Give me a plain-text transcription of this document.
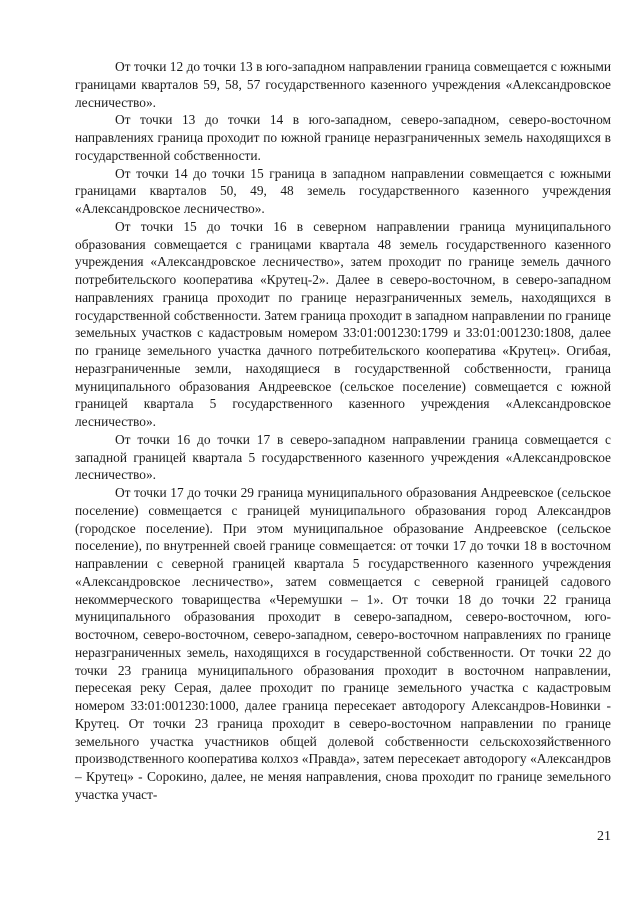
От точки 12 до точки 13 в юго-западном направлении граница совмещается с южными границами кварталов 59, 58, 57 государственного казенного учреждения «Александровское лесничество».

От точки 13 до точки 14 в юго-западном, северо-западном, северо-восточном направлениях граница проходит по южной границе неразграниченных земель находящихся в государственной собственности.

От точки 14 до точки 15 граница в западном направлении совмещается с южными границами кварталов 50, 49, 48 земель государственного казенного учреждения «Александровское лесничество».

От точки 15 до точки 16 в северном направлении граница муниципального образования совмещается с границами квартала 48 земель государственного казенного учреждения «Александровское лесничество», затем проходит по границе земель дачного потребительского кооператива «Крутец-2». Далее в северо-восточном, в северо-западном направлениях граница проходит по границе неразграниченных земель, находящихся в государственной собственности. Затем граница проходит в западном направлении по границе земельных участков с кадастровым номером 33:01:001230:1799 и 33:01:001230:1808, далее по границе земельного участка дачного потребительского кооператива «Крутец». Огибая, неразграниченные земли, находящиеся в государственной собственности, граница муниципального образования Андреевское (сельское поселение) совмещается с южной границей квартала 5 государственного казенного учреждения «Александровское лесничество».

От точки 16 до точки 17 в северо-западном направлении граница совмещается с западной границей квартала 5 государственного казенного учреждения «Александровское лесничество».

От точки 17 до точки 29 граница муниципального образования Андреевское (сельское поселение) совмещается с границей муниципального образования город Александров (городское поселение). При этом муниципальное образование Андреевское (сельское поселение), по внутренней своей границе совмещается: от точки 17 до точки 18 в восточном направлении с северной границей квартала 5 государственного казенного учреждения «Александровское лесничество», затем совмещается с северной границей садового некоммерческого товарищества «Черемушки – 1». От точки 18 до точки 22 граница муниципального образования проходит в северо-западном, северо-восточном, юго-восточном, северо-восточном, северо-западном, северо-восточном направлениях по границе неразграниченных земель, находящихся в государственной собственности. От точки 22 до точки 23 граница муниципального образования проходит в восточном направлении, пересекая реку Серая, далее проходит по границе земельного участка с кадастровым номером 33:01:001230:1000, далее граница пересекает автодорогу Александров-Новинки - Крутец. От точки 23 граница проходит в северо-восточном направлении по границе земельного участка участников общей долевой собственности сельскохозяйственного производственного кооператива колхоз «Правда», затем пересекает автодорогу «Александров – Крутец» - Сорокино, далее, не меняя направления, снова проходит по границе земельного участка участ-

21
